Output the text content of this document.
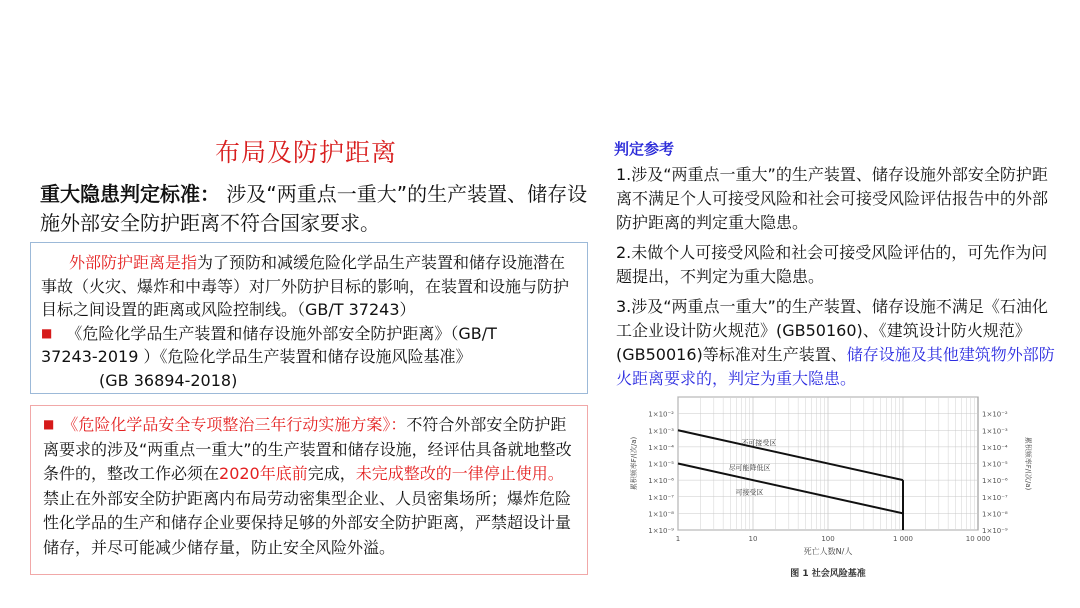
布局及防护距离
重大隐患判定标准： 涉及“两重点一重大”的生产装置、储存设施外部安全防护距离不符合国家要求。
外部防护距离是指为了预防和减缓危险化学品生产装置和储存设施潜在事故（火灾、爆炸和中毒等）对厂外防护目标的影响，在装置和设施与防护目标之间设置的距离或风险控制线。（GB/T 37243）
■ 《危险化学品生产装置和储存设施外部安全防护距离》（GB/T
37243-2019 ）《危险化学品生产装置和储存设施风险基准》
(GB 36894-2018)
■ 《危险化学品安全专项整治三年行动实施方案》：不符合外部安全防护距离要求的涉及“两重点一重大”的生产装置和储存设施，经评估具备就地整改条件的，整改工作必须在2020年底前完成，未完成整改的一律停止使用。禁止在外部安全防护距离内布局劳动密集型企业、人员密集场所；爆炸危险性化学品的生产和储存企业要保持足够的外部安全防护距离，严禁超设计量储存，并尽可能减少储存量，防止安全风险外溢。
判定参考
1.涉及“两重点一重大”的生产装置、储存设施外部安全防护距离不满足个人可接受风险和社会可接受风险评估报告中的外部防护距离的判定重大隐患。
2.未做个人可接受风险和社会可接受风险评估的，可先作为问题提出，不判定为重大隐患。
3.涉及“两重点一重大”的生产装置、储存设施不满足《石油化工企业设计防火规范》(GB50160)、《建筑设计防火规范》(GB50016)等标准对生产装置、储存设施及其他建筑物外部防火距离要求的，判定为重大隐患。
1×10⁻²	1×10⁻²
1×10⁻³	1×10⁻³
1×10⁻⁴	1×10⁻⁴
1×10⁻⁵	1×10⁻⁵
1×10⁻⁶	1×10⁻⁶
1×10⁻⁷	1×10⁻⁷
1×10⁻⁸	1×10⁻⁸
1×10⁻⁹	1×10⁻⁹
1	10	100	1 000	10 000
死亡人数N/人
累积频率F/(次/a)	累积频率F/(次/a)
不可接受区
尽可能降低区
可接受区
图 1 社会风险基准
